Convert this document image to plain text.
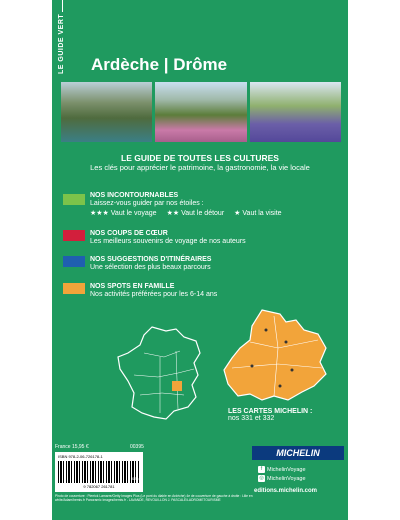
LE GUIDE VERT Ardèche | Drôme
LE GUIDE DE TOUTES LES CULTURES
Les clés pour apprécier le patrimoine, la gastronomie, la vie locale
NOS INCONTOURNABLES
Laissez-vous guider par nos étoiles :
★★★ Vaut le voyage ★★ Vaut le détour ★ Vaut la visite
NOS COUPS DE CŒUR
Les meilleurs souvenirs de voyage de nos auteurs
NOS SUGGESTIONS D'ITINÉRAIRES
Une sélection des plus beaux parcours
NOS SPOTS EN FAMILLE
Nos activités préférées pour les 6-14 ans
LES CARTES MICHELIN :
nos 331 et 332
France 15,95 €	00395
ISBN 978-2-06-726178-1
9 782067 261781
07100
Photo de couverture : Pierrick Lamarre/Getty Images Plus (Le pont du diable en Ardèche) 4e de couverture de gauche à droite : Lilie en white/Adam/hemis.fr Panoramic Images/hemis.fr - LAVANDE, REVOUILLON J. PASCALE/LADROMETOURISME
MICHELIN
f MichelinVoyage
◎ MichelinVoyage
editions.michelin.com
